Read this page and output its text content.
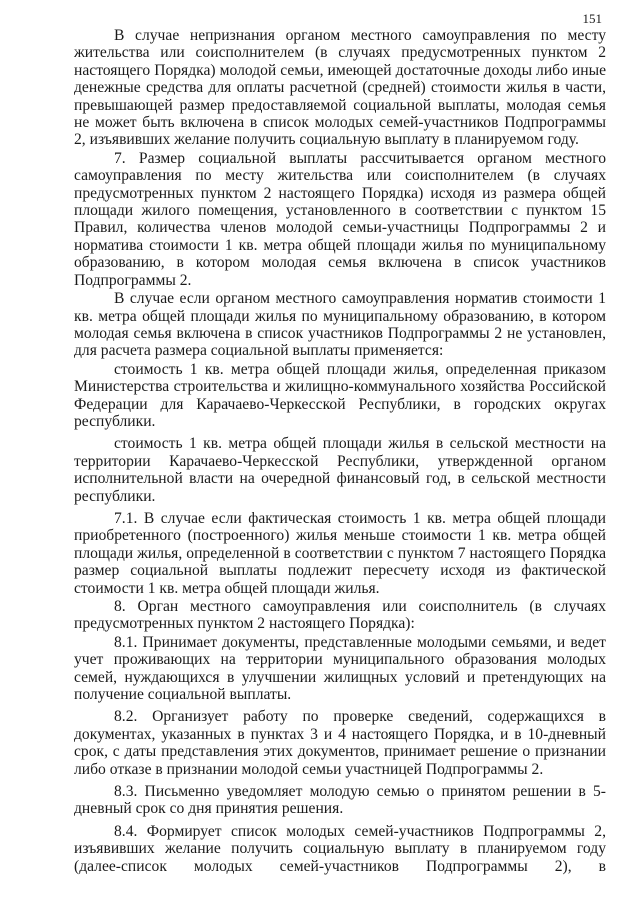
151

В случае непризнания органом местного самоуправления по месту жительства или соисполнителем (в случаях предусмотренных пунктом 2 настоящего Порядка) молодой семьи, имеющей достаточные доходы либо иные денежные средства для оплаты расчетной (средней) стоимости жилья в части, превышающей размер предоставляемой социальной выплаты, молодая семья не может быть включена в список молодых семей-участников Подпрограммы 2, изъявивших желание получить социальную выплату в планируемом году.

7. Размер социальной выплаты рассчитывается органом местного самоуправления по месту жительства или соисполнителем (в случаях предусмотренных пунктом 2 настоящего Порядка) исходя из размера общей площади жилого помещения, установленного в соответствии с пунктом 15 Правил, количества членов молодой семьи-участницы Подпрограммы 2 и норматива стоимости 1 кв. метра общей площади жилья по муниципальному образованию, в котором молодая семья включена в список участников Подпрограммы 2.

В случае если органом местного самоуправления норматив стоимости 1 кв. метра общей площади жилья по муниципальному образованию, в котором молодая семья включена в список участников Подпрограммы 2 не установлен, для расчета размера социальной выплаты применяется:

стоимость 1 кв. метра общей площади жилья, определенная приказом Министерства строительства и жилищно-коммунального хозяйства Российской Федерации для Карачаево-Черкесской Республики, в городских округах республики.

стоимость 1 кв. метра общей площади жилья в сельской местности на территории Карачаево-Черкесской Республики, утвержденной органом исполнительной власти на очередной финансовый год, в сельской местности республики.

7.1. В случае если фактическая стоимость 1 кв. метра общей площади приобретенного (построенного) жилья меньше стоимости 1 кв. метра общей площади жилья, определенной в соответствии с пунктом 7 настоящего Порядка размер социальной выплаты подлежит пересчету исходя из фактической стоимости 1 кв. метра общей площади жилья.

8. Орган местного самоуправления или соисполнитель (в случаях предусмотренных пунктом 2 настоящего Порядка):

8.1. Принимает документы, представленные молодыми семьями, и ведет учет проживающих на территории муниципального образования молодых семей, нуждающихся в улучшении жилищных условий и претендующих на получение социальной выплаты.

8.2. Организует работу по проверке сведений, содержащихся в документах, указанных в пунктах 3 и 4 настоящего Порядка, и в 10-дневный срок, с даты представления этих документов, принимает решение о признании либо отказе в признании молодой семьи участницей Подпрограммы 2.

8.3. Письменно уведомляет молодую семью о принятом решении в 5-дневный срок со дня принятия решения.

8.4. Формирует список молодых семей-участников Подпрограммы 2, изъявивших желание получить социальную выплату в планируемом году (далее-список молодых семей-участников Подпрограммы 2), в
